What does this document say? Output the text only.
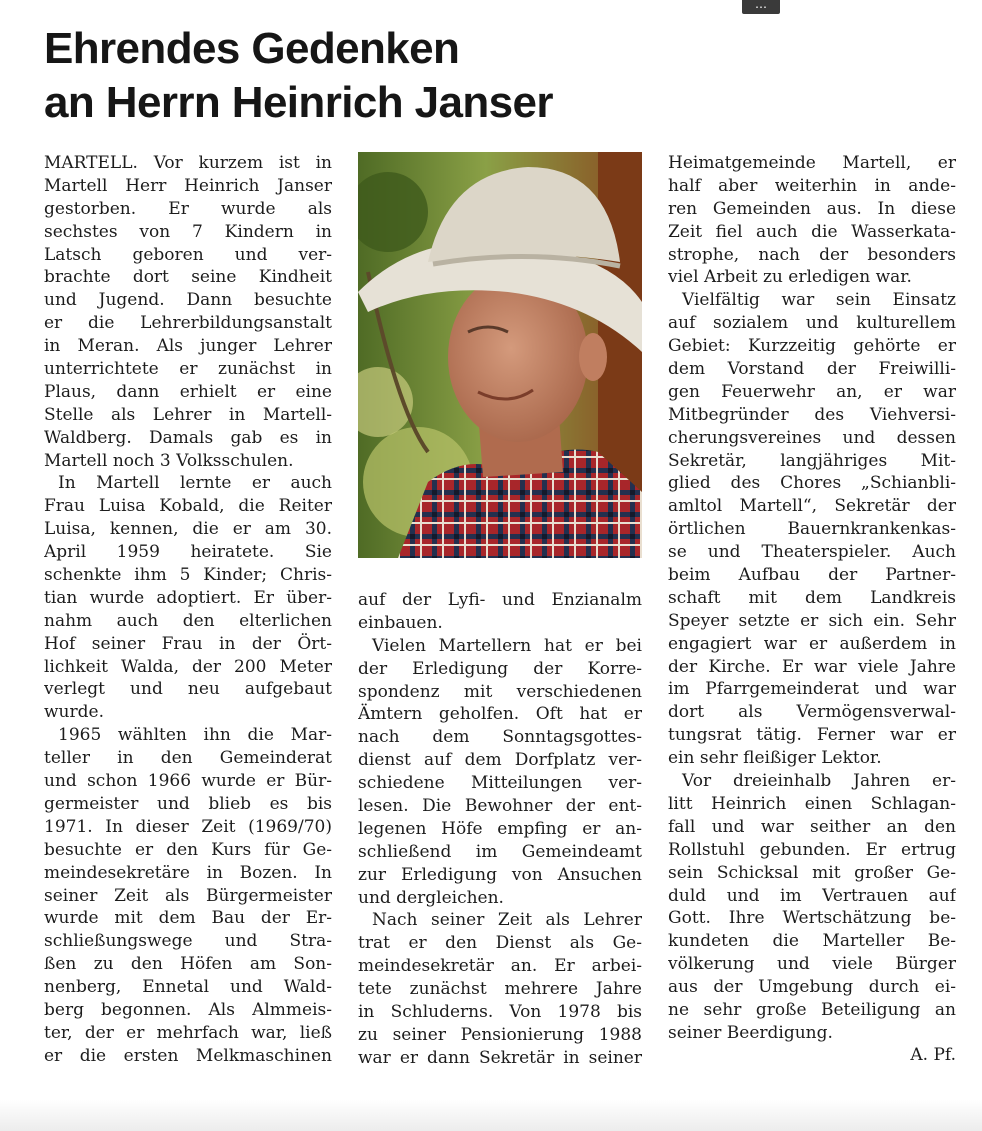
…
Ehrendes Gedenken
an Herrn Heinrich Janser
MARTELL. Vor kurzem ist in
Martell Herr Heinrich Janser
gestorben. Er wurde als
sechstes von 7 Kindern in
Latsch geboren und ver-
brachte dort seine Kindheit
und Jugend. Dann besuchte
er die Lehrerbildungsanstalt
in Meran. Als junger Lehrer
unterrichtete er zunächst in
Plaus, dann erhielt er eine
Stelle als Lehrer in Martell-
Waldberg. Damals gab es in
Martell noch 3 Volksschulen.
In Martell lernte er auch
Frau Luisa Kobald, die Reiter
Luisa, kennen, die er am 30.
April 1959 heiratete. Sie
schenkte ihm 5 Kinder; Chris-
tian wurde adoptiert. Er über-
nahm auch den elterlichen
Hof seiner Frau in der Ört-
lichkeit Walda, der 200 Meter
verlegt und neu aufgebaut
wurde.
1965 wählten ihn die Mar-
teller in den Gemeinderat
und schon 1966 wurde er Bür-
germeister und blieb es bis
1971. In dieser Zeit (1969/70)
besuchte er den Kurs für Ge-
meindesekretäre in Bozen. In
seiner Zeit als Bürgermeister
wurde mit dem Bau der Er-
schließungswege und Stra-
ßen zu den Höfen am Son-
nenberg, Ennetal und Wald-
berg begonnen. Als Almmeis-
ter, der er mehrfach war, ließ
er die ersten Melkmaschinen
auf der Lyfi- und Enzianalm
einbauen.
Vielen Martellern hat er bei
der Erledigung der Korre-
spondenz mit verschiedenen
Ämtern geholfen. Oft hat er
nach dem Sonntagsgottes-
dienst auf dem Dorfplatz ver-
schiedene Mitteilungen ver-
lesen. Die Bewohner der ent-
legenen Höfe empfing er an-
schließend im Gemeindeamt
zur Erledigung von Ansuchen
und dergleichen.
Nach seiner Zeit als Lehrer
trat er den Dienst als Ge-
meindesekretär an. Er arbei-
tete zunächst mehrere Jahre
in Schluderns. Von 1978 bis
zu seiner Pensionierung 1988
war er dann Sekretär in seiner
Heimatgemeinde Martell, er
half aber weiterhin in ande-
ren Gemeinden aus. In diese
Zeit fiel auch die Wasserkata-
strophe, nach der besonders
viel Arbeit zu erledigen war.
Vielfältig war sein Einsatz
auf sozialem und kulturellem
Gebiet: Kurzzeitig gehörte er
dem Vorstand der Freiwilli-
gen Feuerwehr an, er war
Mitbegründer des Viehversi-
cherungsvereines und dessen
Sekretär, langjähriges Mit-
glied des Chores „Schianbli-
amltol Martell“, Sekretär der
örtlichen Bauernkrankenkas-
se und Theaterspieler. Auch
beim Aufbau der Partner-
schaft mit dem Landkreis
Speyer setzte er sich ein. Sehr
engagiert war er außerdem in
der Kirche. Er war viele Jahre
im Pfarrgemeinderat und war
dort als Vermögensverwal-
tungsrat tätig. Ferner war er
ein sehr fleißiger Lektor.
Vor dreieinhalb Jahren er-
litt Heinrich einen Schlagan-
fall und war seither an den
Rollstuhl gebunden. Er ertrug
sein Schicksal mit großer Ge-
duld und im Vertrauen auf
Gott. Ihre Wertschätzung be-
kundeten die Marteller Be-
völkerung und viele Bürger
aus der Umgebung durch ei-
ne sehr große Beteiligung an
seiner Beerdigung.
A. Pf.
